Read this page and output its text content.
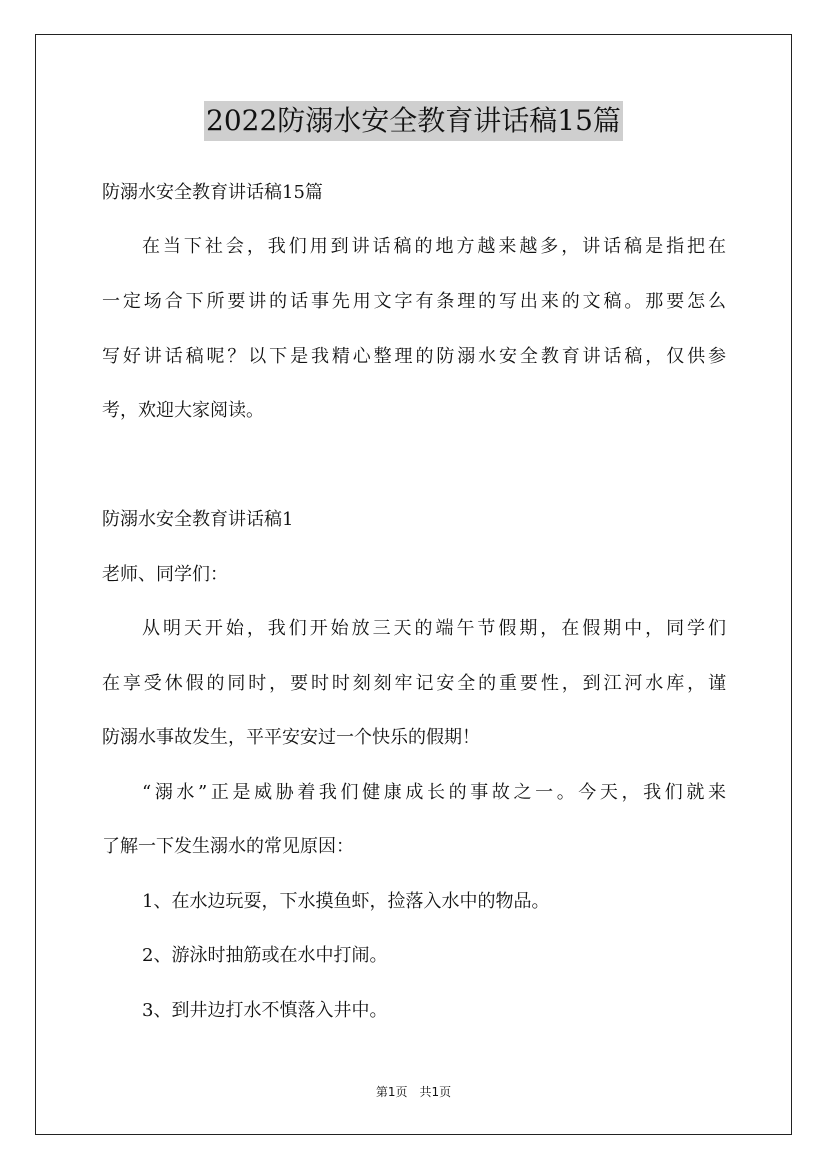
2022防溺水安全教育讲话稿15篇
防溺水安全教育讲话稿15篇
在当下社会，我们用到讲话稿的地方越来越多，讲话稿是指把在
一定场合下所要讲的话事先用文字有条理的写出来的文稿。那要怎么
写好讲话稿呢？以下是我精心整理的防溺水安全教育讲话稿，仅供参
考，欢迎大家阅读。
防溺水安全教育讲话稿1
老师、同学们：
从明天开始，我们开始放三天的端午节假期，在假期中，同学们
在享受休假的同时，要时时刻刻牢记安全的重要性，到江河水库，谨
防溺水事故发生，平平安安过一个快乐的假期！
“溺水”正是威胁着我们健康成长的事故之一。今天，我们就来
了解一下发生溺水的常见原因：
1、在水边玩耍，下水摸鱼虾，捡落入水中的物品。
2、游泳时抽筋或在水中打闹。
3、到井边打水不慎落入井中。
第1页　共1页
